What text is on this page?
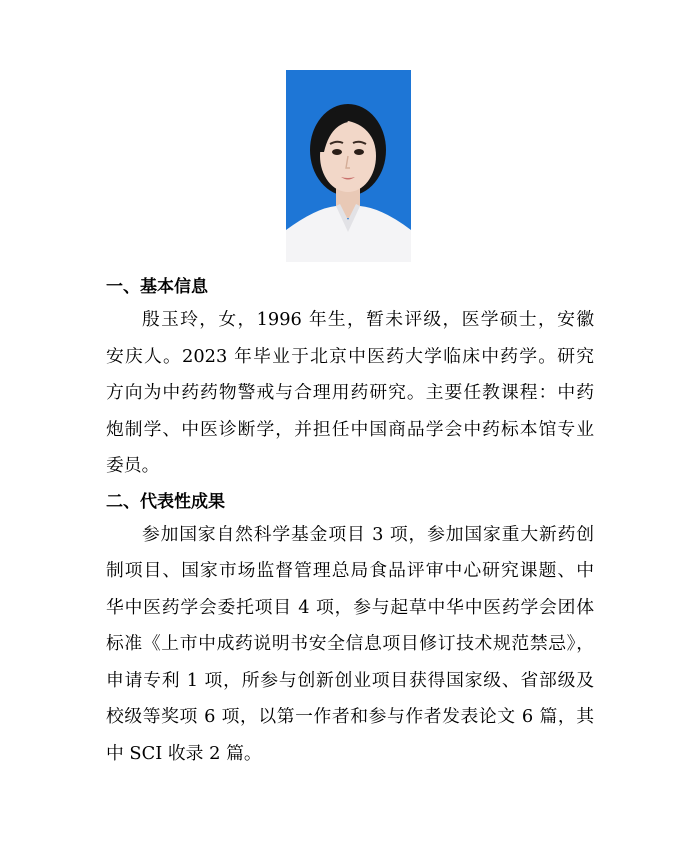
一、基本信息
殷玉玲，女，1996 年生，暂未评级，医学硕士，安徽
安庆人。2023 年毕业于北京中医药大学临床中药学。研究
方向为中药药物警戒与合理用药研究。主要任教课程：中药
炮制学、中医诊断学，并担任中国商品学会中药标本馆专业
委员。
二、代表性成果
参加国家自然科学基金项目 3 项，参加国家重大新药创
制项目、国家市场监督管理总局食品评审中心研究课题、中
华中医药学会委托项目 4 项，参与起草中华中医药学会团体
标准《上市中成药说明书安全信息项目修订技术规范禁忌》，
申请专利 1 项，所参与创新创业项目获得国家级、省部级及
校级等奖项 6 项，以第一作者和参与作者发表论文 6 篇，其
中 SCI 收录 2 篇。
